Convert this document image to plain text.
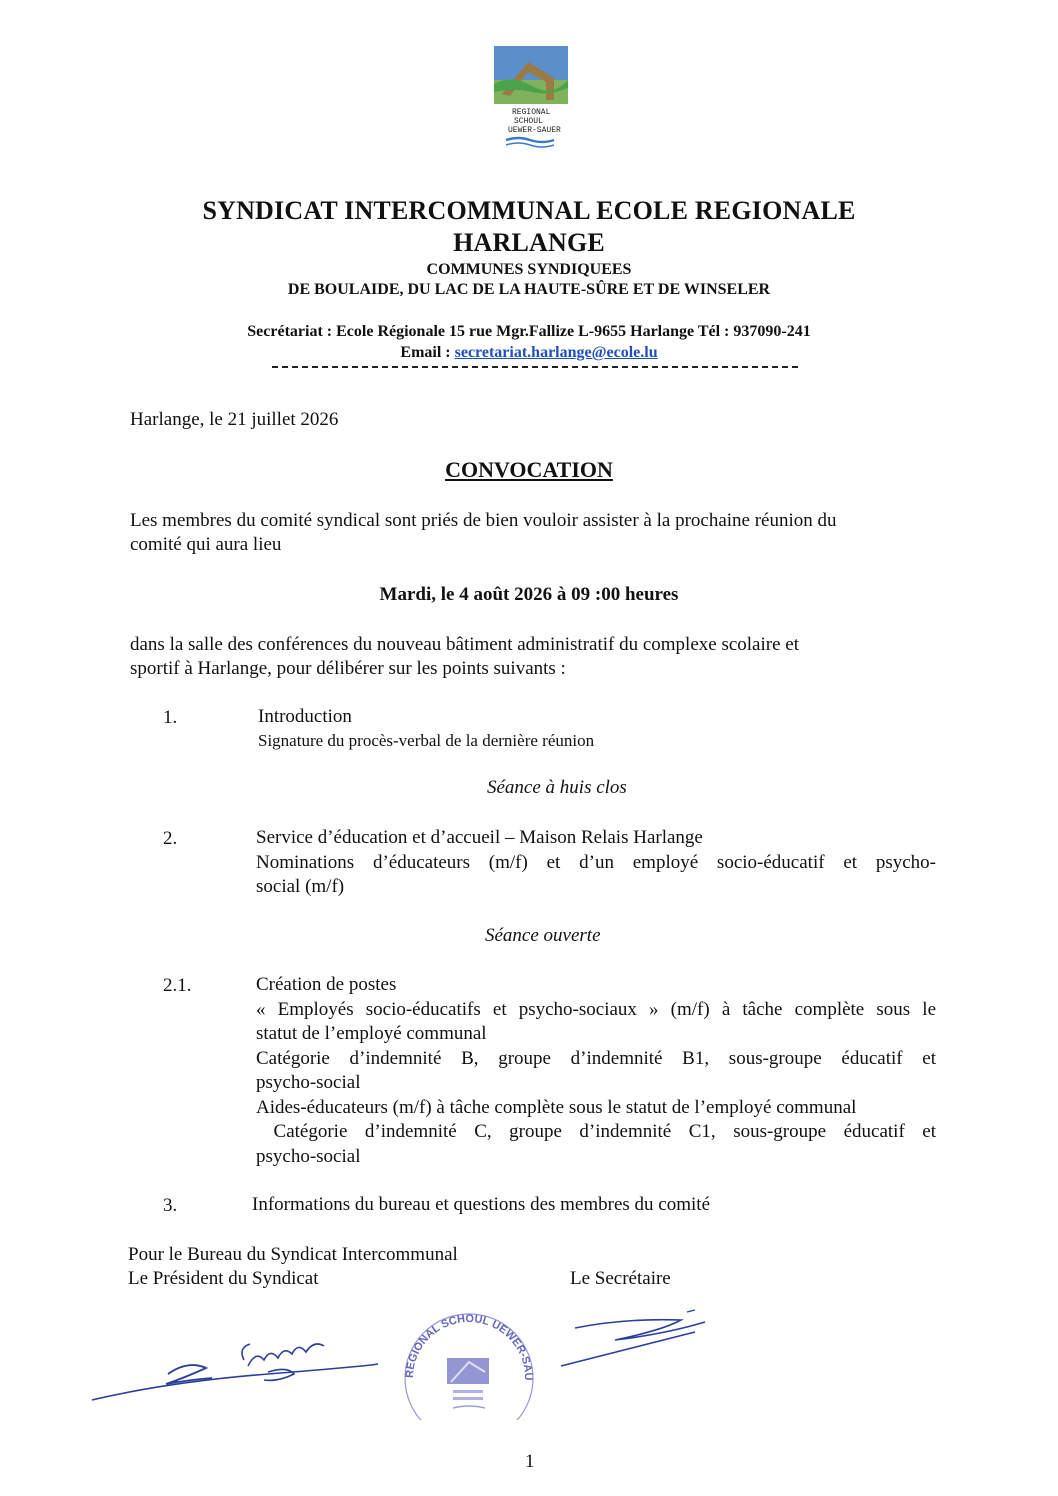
REGIONAL
SCHOUL
UEWER-SAUER
SYNDICAT INTERCOMMUNAL ECOLE REGIONALE
HARLANGE
COMMUNES SYNDIQUEES
DE BOULAIDE, DU LAC DE LA HAUTE-SÛRE ET DE WINSELER
Secrétariat : Ecole Régionale 15 rue Mgr.Fallize L-9655 Harlange Tél : 937090-241
Email : secretariat.harlange@ecole.lu
Harlange, le 21 juillet 2026
CONVOCATION
Les membres du comité syndical sont priés de bien vouloir assister à la prochaine réunion du
comité qui aura lieu
Mardi, le 4 août 2026 à 09 :00 heures
dans la salle des conférences du nouveau bâtiment administratif du complexe scolaire et
sportif à Harlange, pour délibérer sur les points suivants :
1.	Introduction
Signature du procès-verbal de la dernière réunion
Séance à huis clos
2.	Service d’éducation et d’accueil – Maison Relais Harlange
Nominations d’éducateurs (m/f) et d’un employé socio-éducatif et psycho-
social (m/f)
Séance ouverte
2.1.	Création de postes
« Employés socio-éducatifs et psycho-sociaux » (m/f) à tâche complète sous le
statut de l’employé communal
Catégorie d’indemnité B, groupe d’indemnité B1, sous-groupe éducatif et
psycho-social
Aides-éducateurs (m/f) à tâche complète sous le statut de l’employé communal
Catégorie d’indemnité C, groupe d’indemnité C1, sous-groupe éducatif et
psycho-social
3.	Informations du bureau et questions des membres du comité
Pour le Bureau du Syndicat Intercommunal
Le Président du Syndicat	Le Secrétaire
REGIONAL SCHOUL UEWER-SAU
1
